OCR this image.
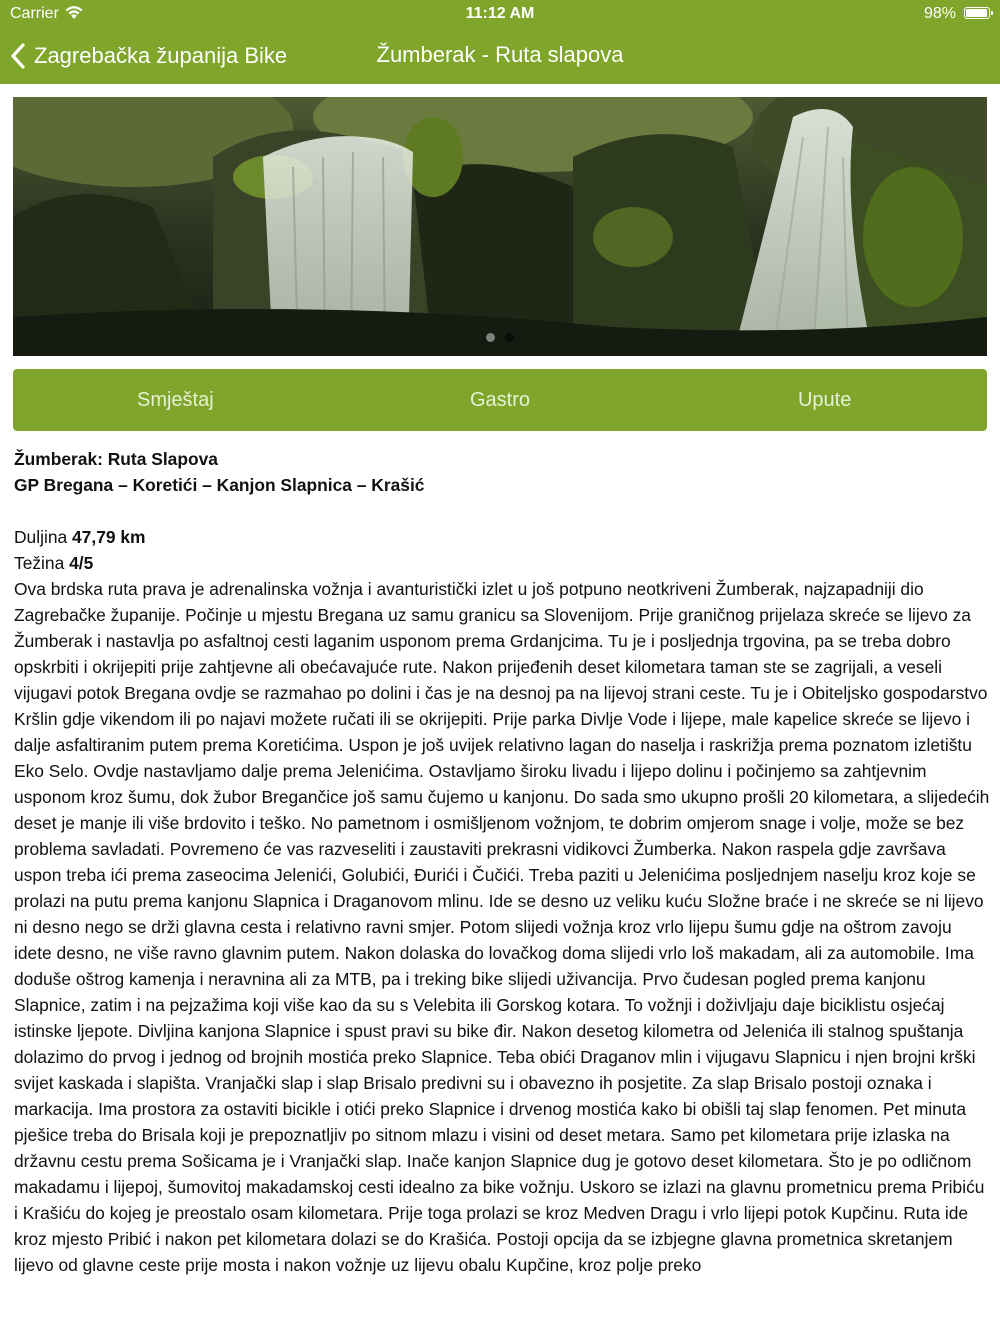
Carrier	11:12 AM	98%
Zagrebačka županija Bike	Žumberak - Ruta slapova
Smještaj	Gastro	Upute

Žumberak: Ruta Slapova

GP Bregana – Koretići – Kanjon Slapnica – Krašić

Duljina 47,79 km

Težina 4/5

Ova brdska ruta prava je adrenalinska vožnja i avanturistički izlet u još potpuno neotkriveni Žumberak, najzapadniji dio Zagrebačke županije. Počinje u mjestu Bregana uz samu granicu sa Slovenijom. Prije graničnog prijelaza skreće se lijevo za Žumberak i nastavlja po asfaltnoj cesti laganim usponom prema Grdanjcima. Tu je i posljednja trgovina, pa se treba dobro opskrbiti i okrijepiti prije zahtjevne ali obećavajuće rute. Nakon prijeđenih deset kilometara taman ste se zagrijali, a veseli vijugavi potok Bregana ovdje se razmahao po dolini i čas je na desnoj pa na lijevoj strani ceste. Tu je i Obiteljsko gospodarstvo Kršlin gdje vikendom ili po najavi možete ručati ili se okrijepiti. Prije parka Divlje Vode i lijepe, male kapelice skreće se lijevo i dalje asfaltiranim putem prema Koretićima. Uspon je još uvijek relativno lagan do naselja i raskrižja prema poznatom izletištu Eko Selo. Ovdje nastavljamo dalje prema Jelenićima. Ostavljamo široku livadu i lijepo dolinu i počinjemo sa zahtjevnim usponom kroz šumu, dok žubor Bregančice još samu čujemo u kanjonu. Do sada smo ukupno prošli 20 kilometara, a slijedećih deset je manje ili više brdovito i teško. No pametnom i osmišljenom vožnjom, te dobrim omjerom snage i volje, može se bez problema savladati. Povremeno će vas razveseliti i zaustaviti prekrasni vidikovci Žumberka. Nakon raspela gdje završava uspon treba ići prema zaseocima Jelenići, Golubići, Đurići i Čučići. Treba paziti u Jelenićima posljednjem naselju kroz koje se prolazi na putu prema kanjonu Slapnica i Draganovom mlinu. Ide se desno uz veliku kuću Složne braće i ne skreće se ni lijevo ni desno nego se drži glavna cesta i relativno ravni smjer. Potom slijedi vožnja kroz vrlo lijepu šumu gdje na oštrom zavoju idete desno, ne više ravno glavnim putem. Nakon dolaska do lovačkog doma slijedi vrlo loš makadam, ali za automobile. Ima doduše oštrog kamenja i neravnina ali za MTB, pa i treking bike slijedi uživancija. Prvo čudesan pogled prema kanjonu Slapnice, zatim i na pejzažima koji više kao da su s Velebita ili Gorskog kotara. To vožnji i doživljaju daje biciklistu osjećaj istinske ljepote. Divljina kanjona Slapnice i spust pravi su bike đir. Nakon desetog kilometra od Jelenića ili stalnog spuštanja dolazimo do prvog i jednog od brojnih mostića preko Slapnice. Teba obići Draganov mlin i vijugavu Slapnicu i njen brojni krški svijet kaskada i slapišta. Vranjački slap i slap Brisalo predivni su i obavezno ih posjetite. Za slap Brisalo postoji oznaka i markacija. Ima prostora za ostaviti bicikle i otići preko Slapnice i drvenog mostića kako bi obišli taj slap fenomen. Pet minuta pješice treba do Brisala koji je prepoznatljiv po sitnom mlazu i visini od deset metara. Samo pet kilometara prije izlaska na državnu cestu prema Sošicama je i Vranjački slap. Inače kanjon Slapnice dug je gotovo deset kilometara. Što je po odličnom makadamu i lijepoj, šumovitoj makadamskoj cesti idealno za bike vožnju. Uskoro se izlazi na glavnu prometnicu prema Pribiću i Krašiću do kojeg je preostalo osam kilometara. Prije toga prolazi se kroz Medven Dragu i vrlo lijepi potok Kupčinu. Ruta ide kroz mjesto Pribić i nakon pet kilometara dolazi se do Krašića. Postoji opcija da se izbjegne glavna prometnica skretanjem lijevo od glavne ceste prije mosta i nakon vožnje uz lijevu obalu Kupčine, kroz polje preko
